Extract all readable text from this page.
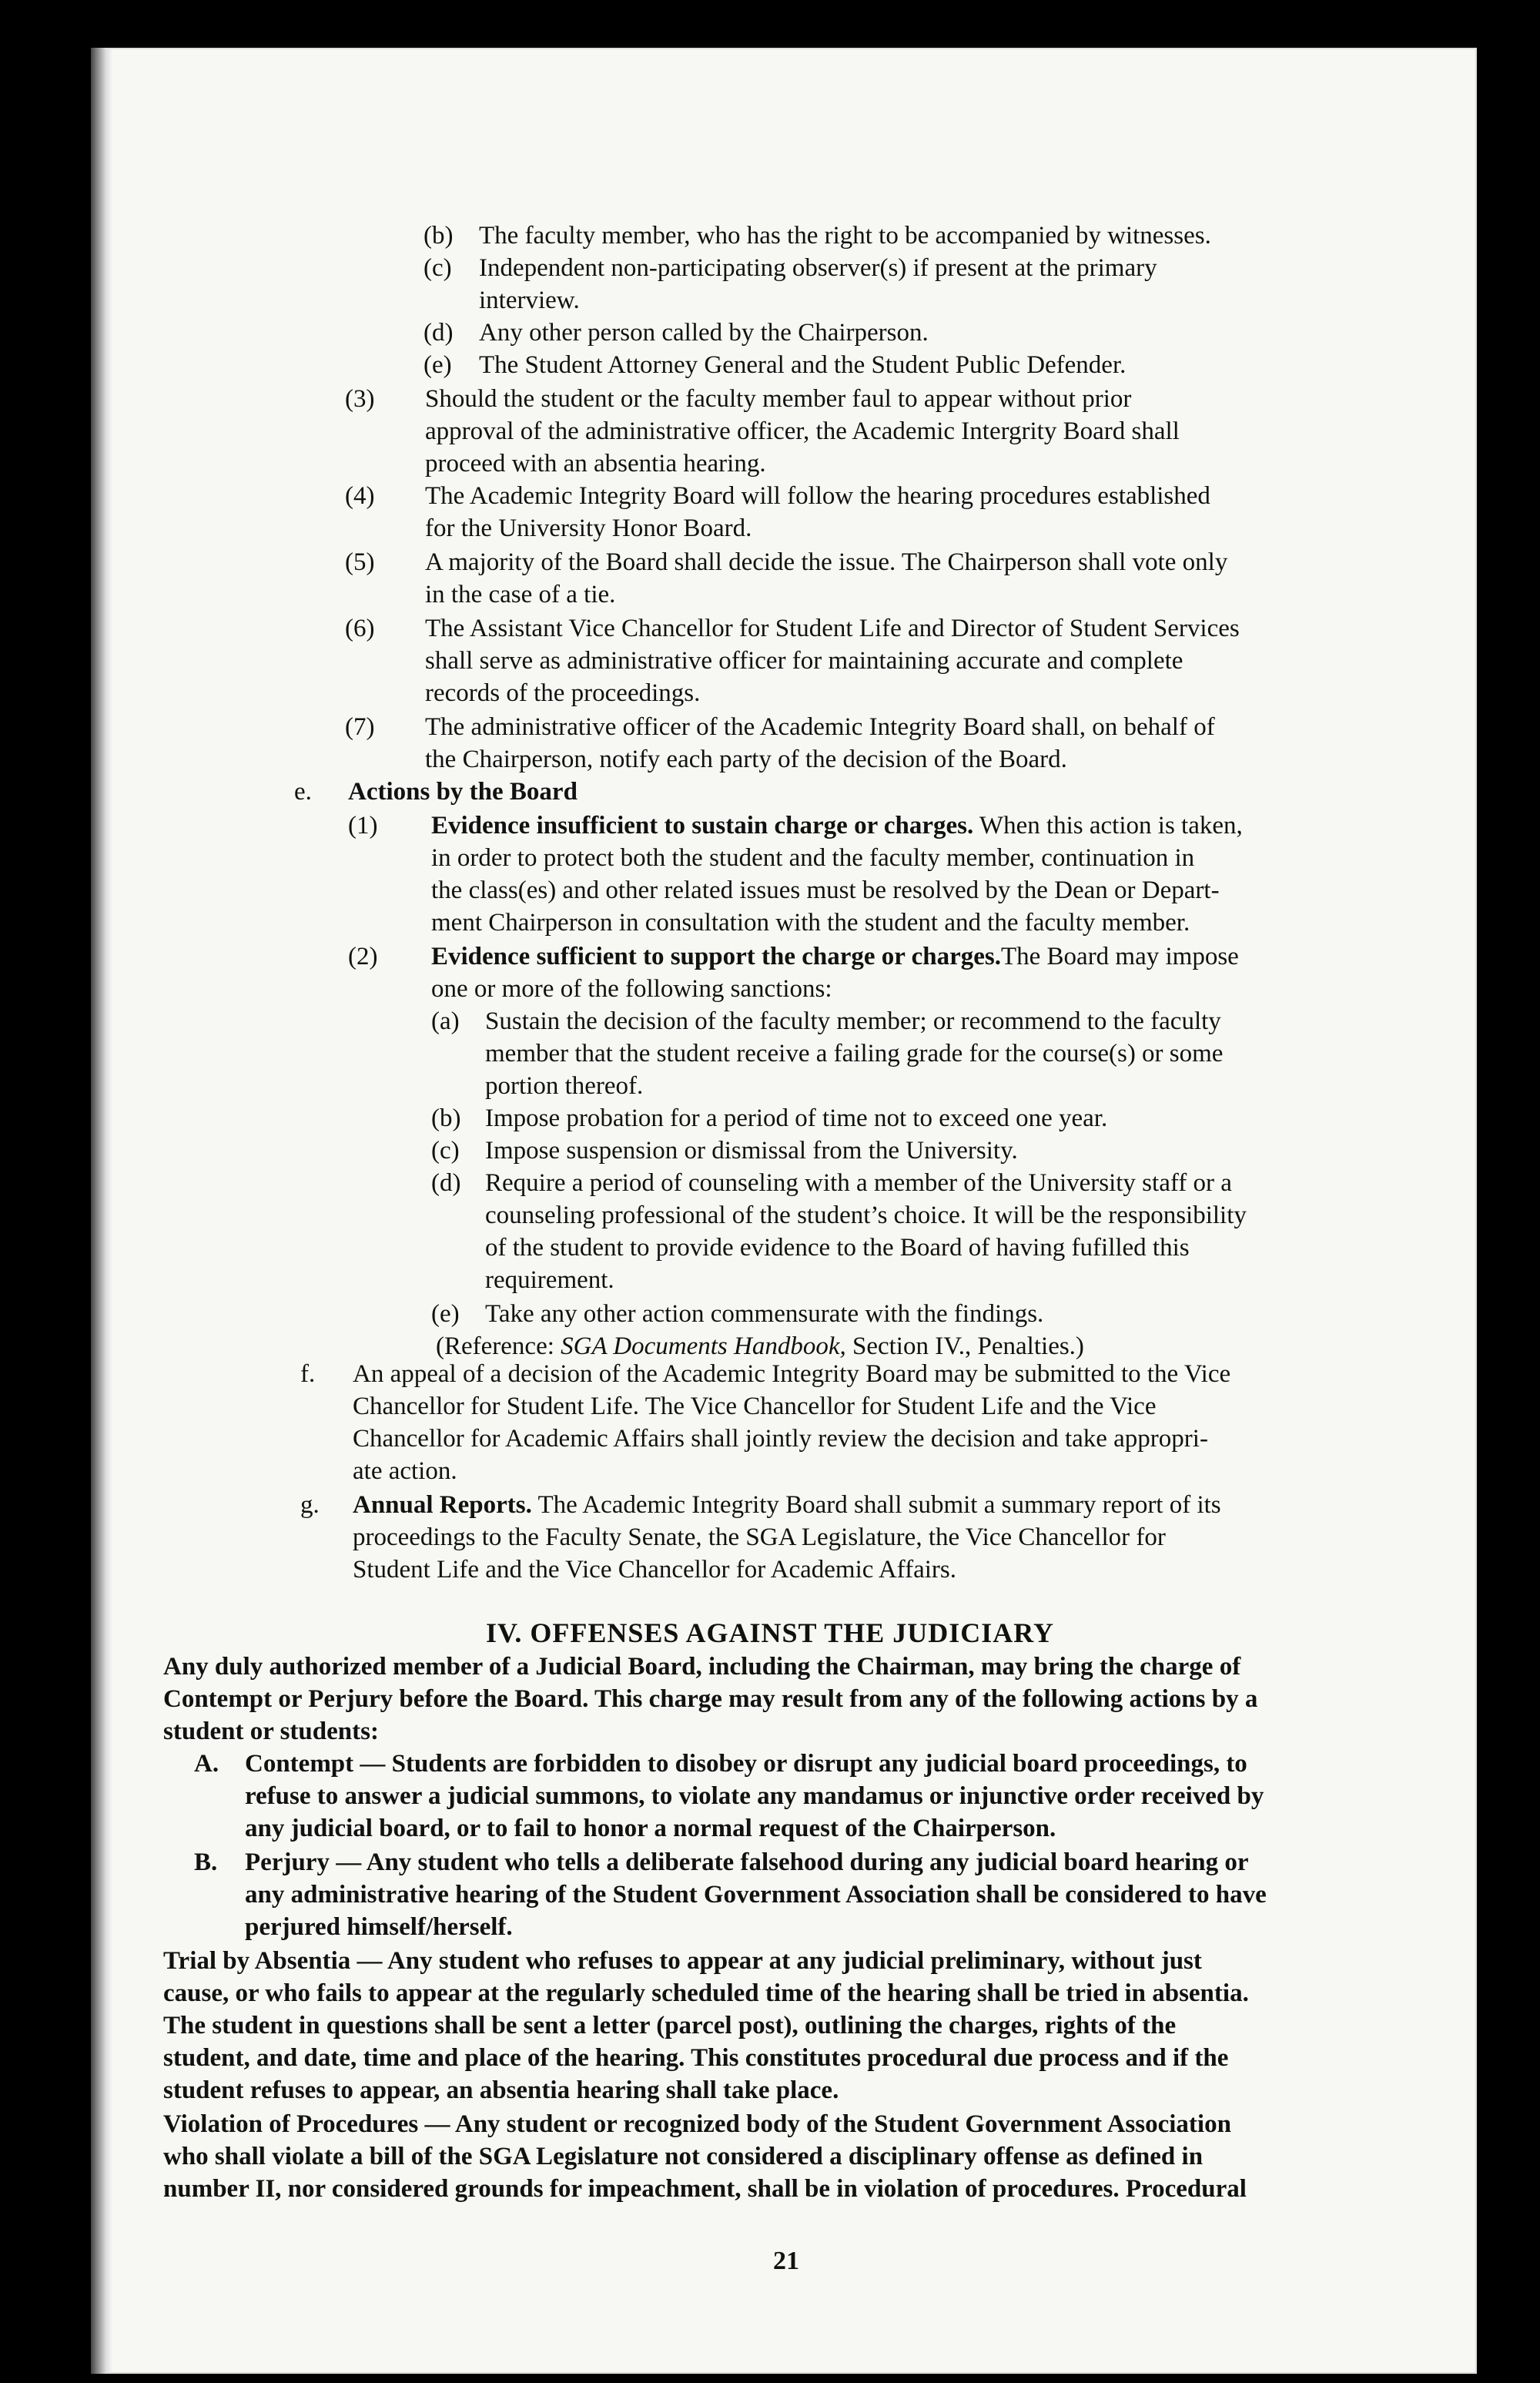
(b) The faculty member, who has the right to be accompanied by witnesses.
(c) Independent non-participating observer(s) if present at the primary
interview.
(d) Any other person called by the Chairperson.
(e) The Student Attorney General and the Student Public Defender.
(3) Should the student or the faculty member faul to appear without prior
approval of the administrative officer, the Academic Intergrity Board shall
proceed with an absentia hearing.
(4) The Academic Integrity Board will follow the hearing procedures established
for the University Honor Board.
(5) A majority of the Board shall decide the issue. The Chairperson shall vote only
in the case of a tie.
(6) The Assistant Vice Chancellor for Student Life and Director of Student Services
shall serve as administrative officer for maintaining accurate and complete
records of the proceedings.
(7) The administrative officer of the Academic Integrity Board shall, on behalf of
the Chairperson, notify each party of the decision of the Board.
e. Actions by the Board
(1) Evidence insufficient to sustain charge or charges. When this action is taken,
in order to protect both the student and the faculty member, continuation in
the class(es) and other related issues must be resolved by the Dean or Depart-
ment Chairperson in consultation with the student and the faculty member.
(2) Evidence sufficient to support the charge or charges.The Board may impose
one or more of the following sanctions:
(a) Sustain the decision of the faculty member; or recommend to the faculty
member that the student receive a failing grade for the course(s) or some
portion thereof.
(b) Impose probation for a period of time not to exceed one year.
(c) Impose suspension or dismissal from the University.
(d) Require a period of counseling with a member of the University staff or a
counseling professional of the student’s choice. It will be the responsibility
of the student to provide evidence to the Board of having fufilled this
requirement.
(e) Take any other action commensurate with the findings.
(Reference: SGA Documents Handbook, Section IV., Penalties.)
f. An appeal of a decision of the Academic Integrity Board may be submitted to the Vice
Chancellor for Student Life. The Vice Chancellor for Student Life and the Vice
Chancellor for Academic Affairs shall jointly review the decision and take appropri-
ate action.
g. Annual Reports. The Academic Integrity Board shall submit a summary report of its
proceedings to the Faculty Senate, the SGA Legislature, the Vice Chancellor for
Student Life and the Vice Chancellor for Academic Affairs.
IV. OFFENSES AGAINST THE JUDICIARY
Any duly authorized member of a Judicial Board, including the Chairman, may bring the charge of
Contempt or Perjury before the Board. This charge may result from any of the following actions by a
student or students:
A. Contempt — Students are forbidden to disobey or disrupt any judicial board proceedings, to
refuse to answer a judicial summons, to violate any mandamus or injunctive order received by
any judicial board, or to fail to honor a normal request of the Chairperson.
B. Perjury — Any student who tells a deliberate falsehood during any judicial board hearing or
any administrative hearing of the Student Government Association shall be considered to have
perjured himself/herself.
Trial by Absentia — Any student who refuses to appear at any judicial preliminary, without just
cause, or who fails to appear at the regularly scheduled time of the hearing shall be tried in absentia.
The student in questions shall be sent a letter (parcel post), outlining the charges, rights of the
student, and date, time and place of the hearing. This constitutes procedural due process and if the
student refuses to appear, an absentia hearing shall take place.
Violation of Procedures — Any student or recognized body of the Student Government Association
who shall violate a bill of the SGA Legislature not considered a disciplinary offense as defined in
number II, nor considered grounds for impeachment, shall be in violation of procedures. Procedural
21
